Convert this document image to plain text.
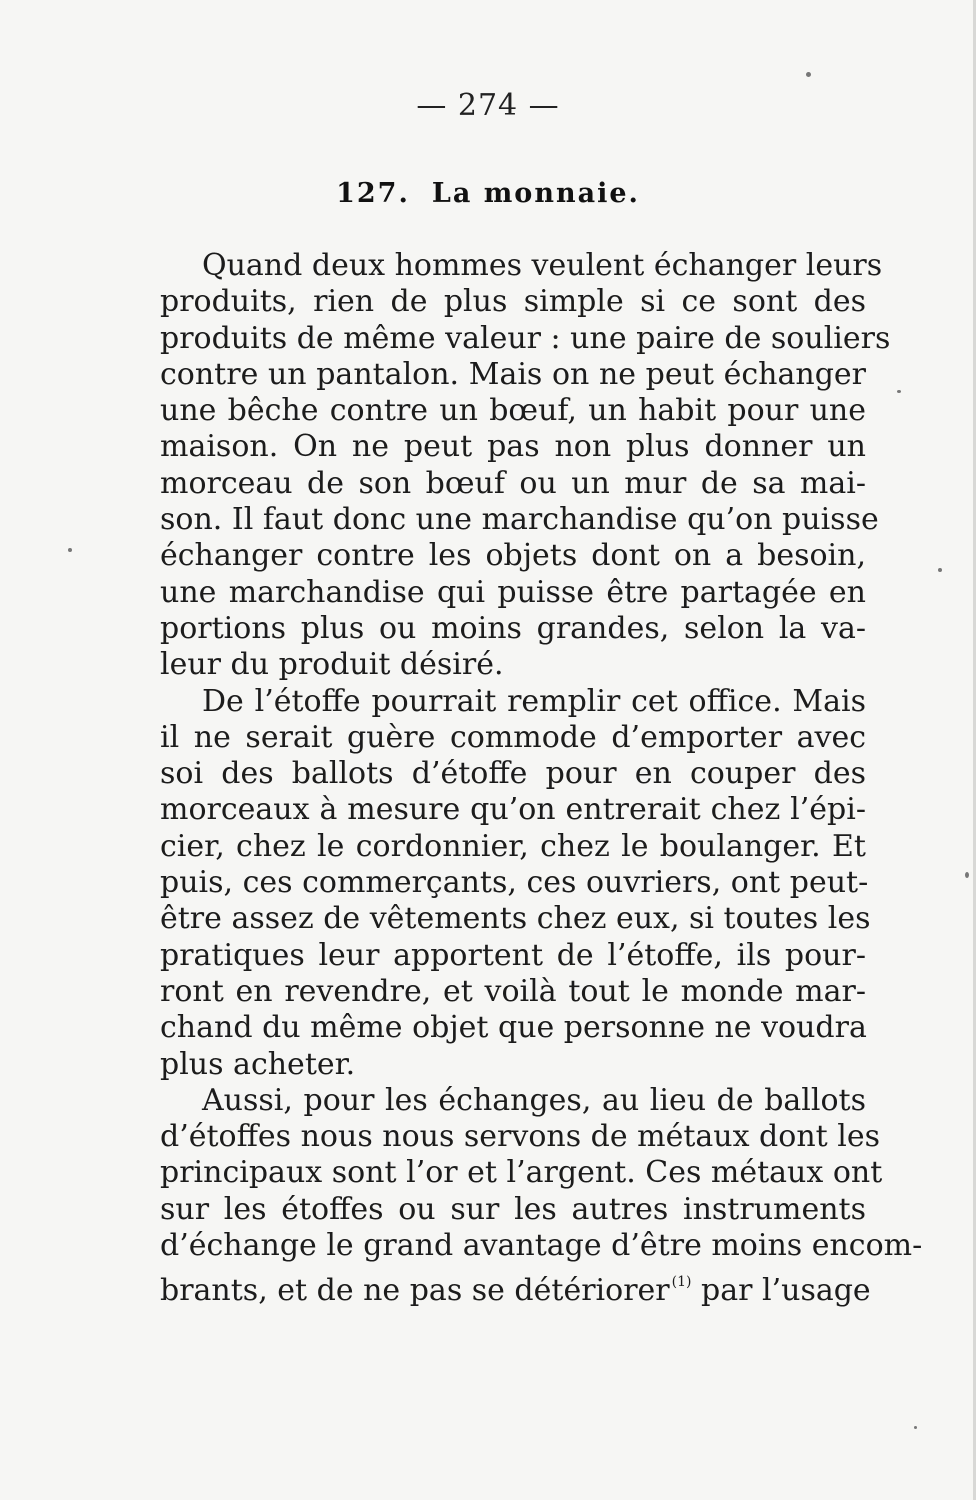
— 274 —
127. La monnaie.

Quand deux hommes veulent échanger leurs
produits, rien de plus simple si ce sont des
produits de même valeur : une paire de souliers
contre un pantalon. Mais on ne peut échanger
une bêche contre un bœuf, un habit pour une
maison. On ne peut pas non plus donner un
morceau de son bœuf ou un mur de sa mai-
son. Il faut donc une marchandise qu’on puisse
échanger contre les objets dont on a besoin,
une marchandise qui puisse être partagée en
portions plus ou moins grandes, selon la va-
leur du produit désiré.

De l’étoffe pourrait remplir cet office. Mais
il ne serait guère commode d’emporter avec
soi des ballots d’étoffe pour en couper des
morceaux à mesure qu’on entrerait chez l’épi-
cier, chez le cordonnier, chez le boulanger. Et
puis, ces commerçants, ces ouvriers, ont peut-
être assez de vêtements chez eux, si toutes les
pratiques leur apportent de l’étoffe, ils pour-
ront en revendre, et voilà tout le monde mar-
chand du même objet que personne ne voudra
plus acheter.

Aussi, pour les échanges, au lieu de ballots
d’étoffes nous nous servons de métaux dont les
principaux sont l’or et l’argent. Ces métaux ont
sur les étoffes ou sur les autres instruments
d’échange le grand avantage d’être moins encom-
brants, et de ne pas se détériorer $^{(1)}$ par l’usage
